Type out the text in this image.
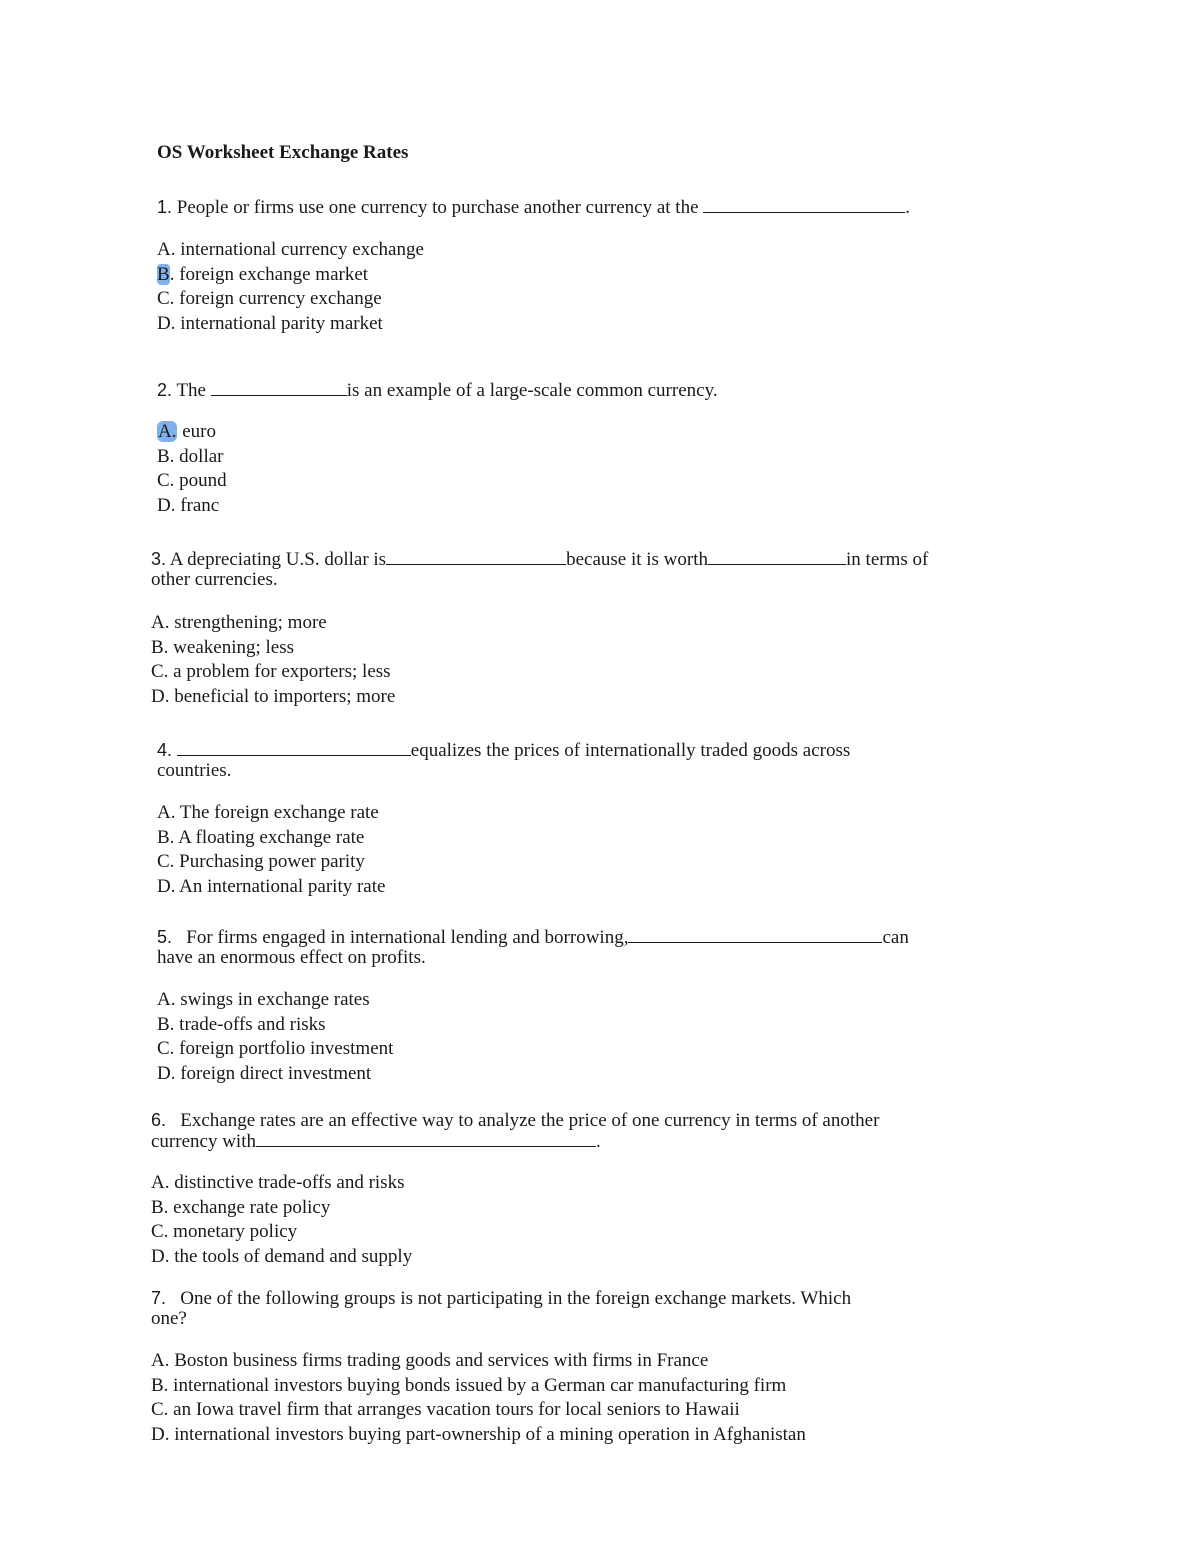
OS Worksheet Exchange Rates
1. People or firms use one currency to purchase another currency at the	.
A. international currency exchange
B. foreign exchange market
C. foreign currency exchange
D. international parity market
2. The	is an example of a large-scale common currency.
A. euro
B. dollar
C. pound
D. franc
3. A depreciating U.S. dollar is	because it is worth	in terms of
other currencies.
A. strengthening; more
B. weakening; less
C. a problem for exporters; less
D. beneficial to importers; more
4.	equalizes the prices of internationally traded goods across
countries.
A. The foreign exchange rate
B. A floating exchange rate
C. Purchasing power parity
D. An international parity rate
5. For firms engaged in international lending and borrowing,	can
have an enormous effect on profits.
A. swings in exchange rates
B. trade-offs and risks
C. foreign portfolio investment
D. foreign direct investment
6. Exchange rates are an effective way to analyze the price of one currency in terms of another
currency with	.
A. distinctive trade-offs and risks
B. exchange rate policy
C. monetary policy
D. the tools of demand and supply
7. One of the following groups is not participating in the foreign exchange markets. Which
one?
A. Boston business firms trading goods and services with firms in France
B. international investors buying bonds issued by a German car manufacturing firm
C. an Iowa travel firm that arranges vacation tours for local seniors to Hawaii
D. international investors buying part-ownership of a mining operation in Afghanistan
